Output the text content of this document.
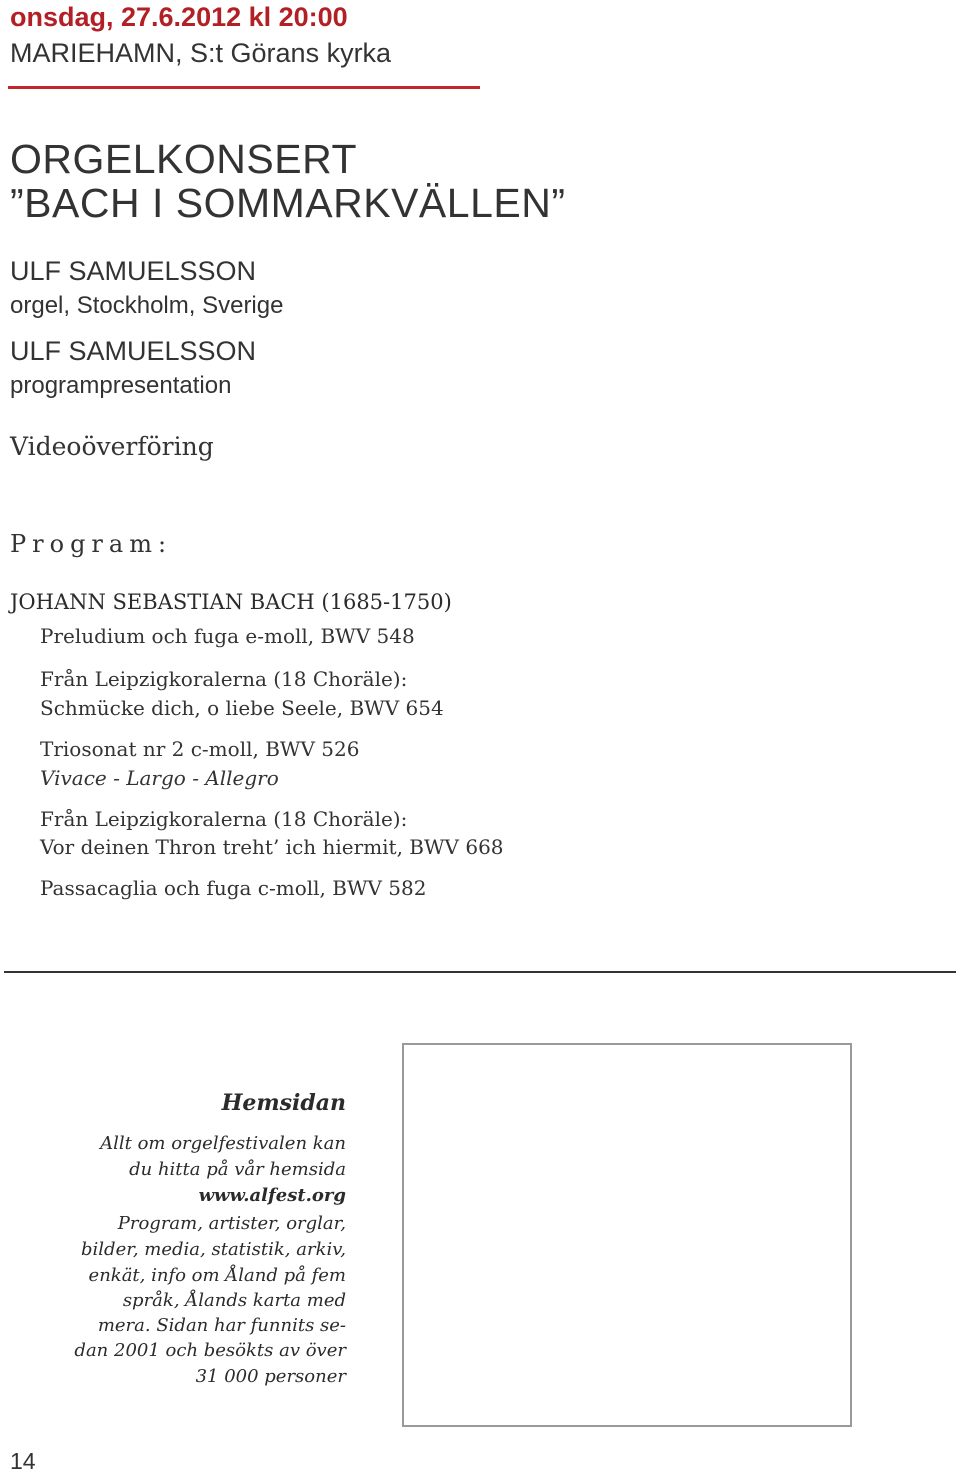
onsdag, 27.6.2012 kl 20:00
MARIEHAMN, S:t Görans kyrka
ORGELKONSERT
”BACH I SOMMARKVÄLLEN”
ULF SAMUELSSON
orgel, Stockholm, Sverige
ULF SAMUELSSON
programpresentation
Videoöverföring
Program:
JOHANN SEBASTIAN BACH (1685-1750)
Preludium och fuga e-moll, BWV 548
Från Leipzigkoralerna (18 Choräle):
Schmücke dich, o liebe Seele, BWV 654
Triosonat nr 2 c-moll, BWV 526
Vivace - Largo - Allegro
Från Leipzigkoralerna (18 Choräle):
Vor deinen Thron treht’ ich hiermit, BWV 668
Passacaglia och fuga c-moll, BWV 582
Hemsidan
Allt om orgelfestivalen kan
du hitta på vår hemsida
www.alfest.org
Program, artister, orglar,
bilder, media, statistik, arkiv,
enkät, info om Åland på fem
språk, Ålands karta med
mera. Sidan har funnits se-
dan 2001 och besökts av över
31 000 personer
14
